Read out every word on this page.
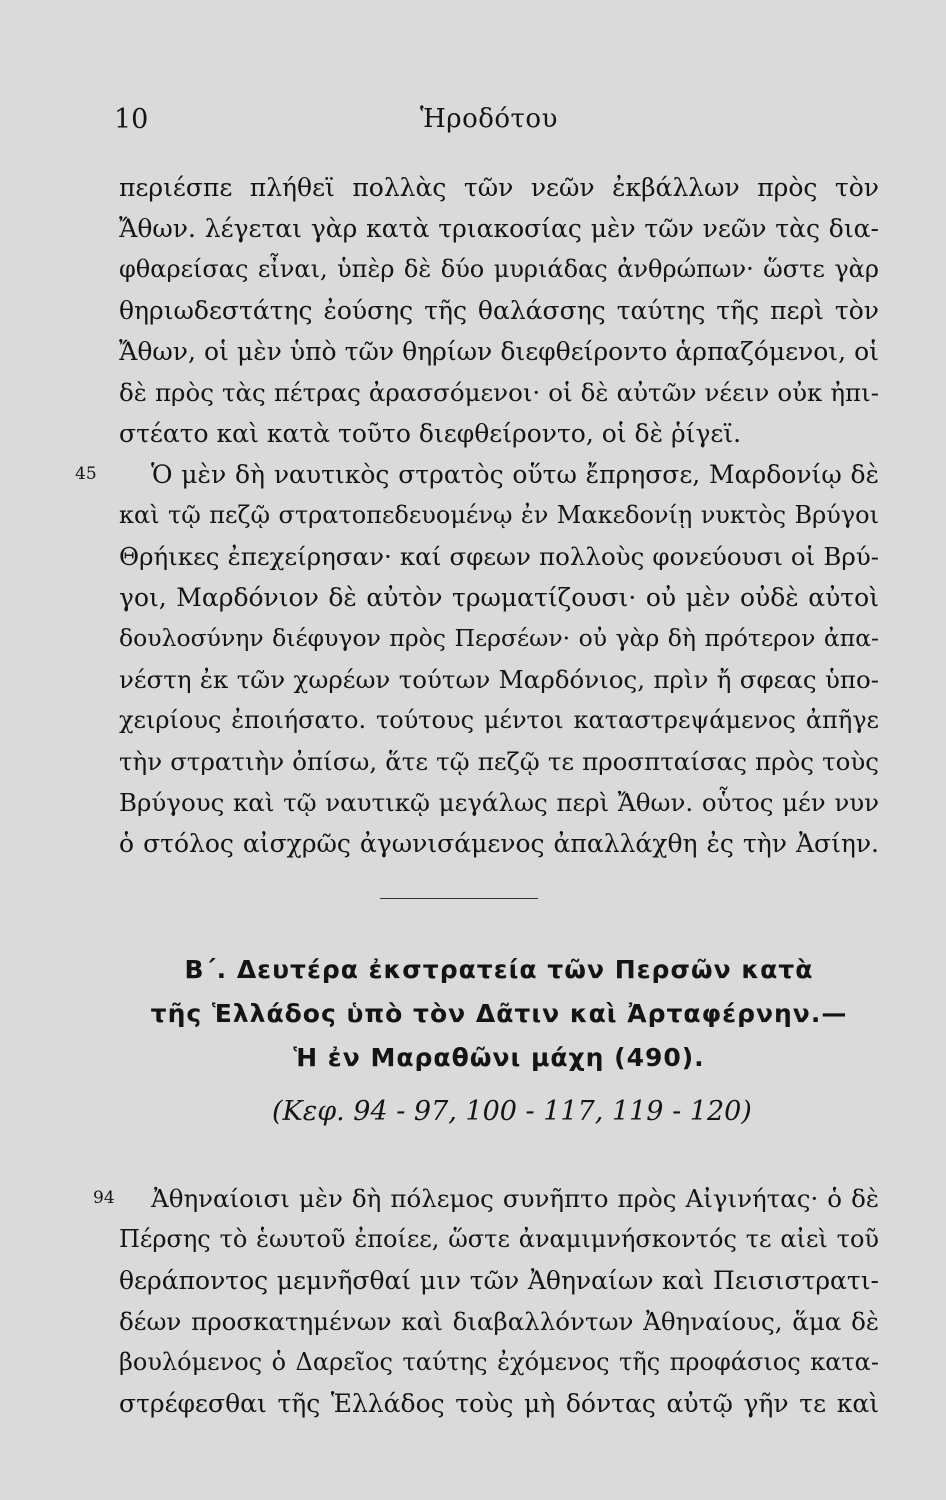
10	Ἡροδότου
περιέσπε πλήθεϊ πολλὰς τῶν νεῶν ἐκβάλλων πρὸς τὸν
Ἄθων. λέγεται γὰρ κατὰ τριακοσίας μὲν τῶν νεῶν τὰς δια-
φθαρείσας εἶναι, ὑπὲρ δὲ δύο μυριάδας ἀνθρώπων· ὥστε γὰρ
θηριωδεστάτης ἐούσης τῆς θαλάσσης ταύτης τῆς περὶ τὸν
Ἄθων, οἱ μὲν ὑπὸ τῶν θηρίων διεφθείροντο ἁρπαζόμενοι, οἱ
δὲ πρὸς τὰς πέτρας ἀρασσόμενοι· οἱ δὲ αὐτῶν νέειν οὐκ ἠπι-
στέατο καὶ κατὰ τοῦτο διεφθείροντο, οἱ δὲ ῥίγεϊ.
45 Ὁ μὲν δὴ ναυτικὸς στρατὸς οὕτω ἔπρησσε, Μαρδονίῳ δὲ
καὶ τῷ πεζῷ στρατοπεδευομένῳ ἐν Μακεδονίῃ νυκτὸς Βρύγοι
Θρήικες ἐπεχείρησαν· καί σφεων πολλοὺς φονεύουσι οἱ Βρύ-
γοι, Μαρδόνιον δὲ αὐτὸν τρωματίζουσι· οὐ μὲν οὐδὲ αὐτοὶ
δουλοσύνην διέφυγον πρὸς Περσέων· οὐ γὰρ δὴ πρότερον ἀπα-
νέστη ἐκ τῶν χωρέων τούτων Μαρδόνιος, πρὶν ἤ σφεας ὑπο-
χειρίους ἐποιήσατο. τούτους μέντοι καταστρεψάμενος ἀπῆγε
τὴν στρατιὴν ὀπίσω, ἅτε τῷ πεζῷ τε προσπταίσας πρὸς τοὺς
Βρύγους καὶ τῷ ναυτικῷ μεγάλως περὶ Ἄθων. οὗτος μέν νυν
ὁ στόλος αἰσχρῶς ἀγωνισάμενος ἀπαλλάχθη ἐς τὴν Ἀσίην.
Β΄. Δευτέρα ἐκστρατεία τῶν Περσῶν κατὰ
τῆς Ἑλλάδος ὑπὸ τὸν Δᾶτιν καὶ Ἀρταφέρνην.—
Ἡ ἐν Μαραθῶνι μάχη (490).
(Κεφ. 94 - 97, 100 - 117, 119 - 120)
94 Ἀθηναίοισι μὲν δὴ πόλεμος συνῆπτο πρὸς Αἰγινήτας· ὁ δὲ
Πέρσης τὸ ἑωυτοῦ ἐποίεε, ὥστε ἀναμιμνήσκοντός τε αἰεὶ τοῦ
θεράποντος μεμνῆσθαί μιν τῶν Ἀθηναίων καὶ Πεισιστρατι-
δέων προσκατημένων καὶ διαβαλλόντων Ἀθηναίους, ἅμα δὲ
βουλόμενος ὁ Δαρεῖος ταύτης ἐχόμενος τῆς προφάσιος κατα-
στρέφεσθαι τῆς Ἑλλάδος τοὺς μὴ δόντας αὐτῷ γῆν τε καὶ
